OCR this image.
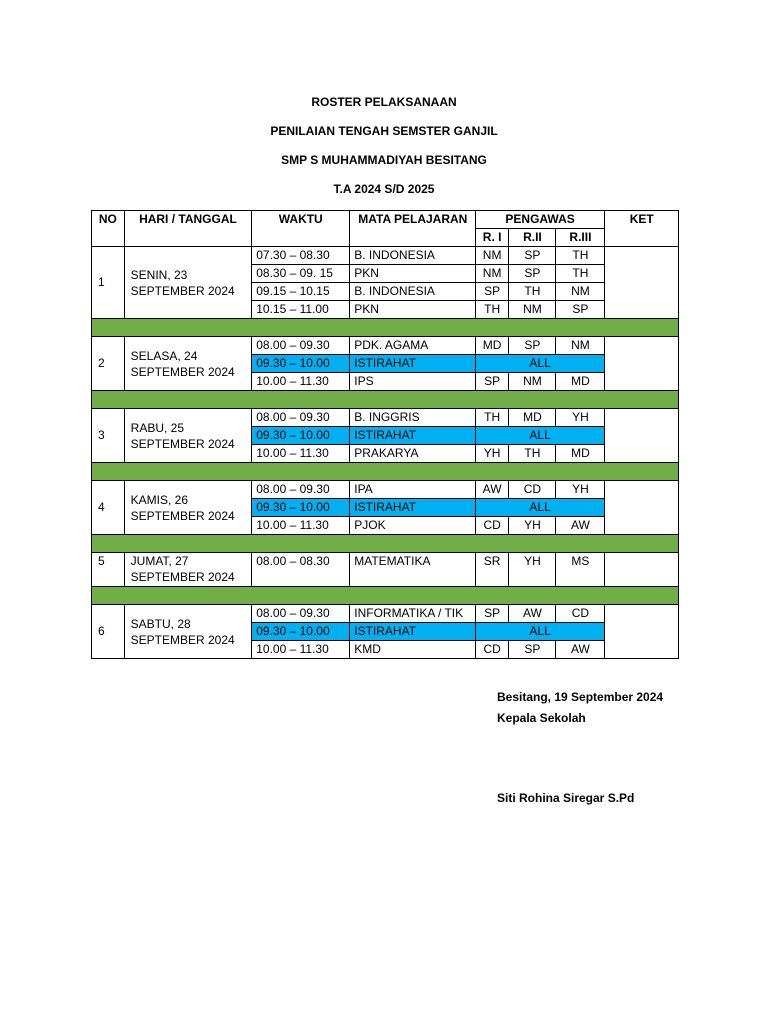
ROSTER PELAKSANAAN
PENILAIAN TENGAH SEMSTER GANJIL
SMP S MUHAMMADIYAH BESITANG
T.A 2024 S/D 2025
NO	HARI / TANGGAL	WAKTU	MATA PELAJARAN	PENGAWAS			KET
				R. I	R.II	R.III	
1	SENIN, 23
SEPTEMBER 2024	07.30 – 08.30	B. INDONESIA	NM	SP	TH	
		08.30 – 09. 15	PKN	NM	SP	TH	
		09.15 – 10.15	B. INDONESIA	SP	TH	NM	
		10.15 – 11.00	PKN	TH	NM	SP	

2	SELASA, 24
SEPTEMBER 2024	08.00 – 09.30	PDK. AGAMA	MD	SP	NM	
		09.30 – 10.00	ISTIRAHAT	ALL			
		10.00 – 11.30	IPS	SP	NM	MD	

3	RABU, 25
SEPTEMBER 2024	08.00 – 09.30	B. INGGRIS	TH	MD	YH	
		09.30 – 10.00	ISTIRAHAT	ALL			
		10.00 – 11.30	PRAKARYA	YH	TH	MD	

4	KAMIS, 26
SEPTEMBER 2024	08.00 – 09.30	IPA	AW	CD	YH	
		09.30 – 10.00	ISTIRAHAT	ALL			
		10.00 – 11.30	PJOK	CD	YH	AW	

5	JUMAT, 27
SEPTEMBER 2024	08.00 – 08.30	MATEMATIKA	SR	YH	MS	

6	SABTU, 28
SEPTEMBER 2024	08.00 – 09.30	INFORMATIKA / TIK	SP	AW	CD	
		09.30 – 10.00	ISTIRAHAT	ALL			
		10.00 – 11.30	KMD	CD	SP	AW	
Besitang, 19 September 2024
Kepala Sekolah
Siti Rohina Siregar S.Pd
